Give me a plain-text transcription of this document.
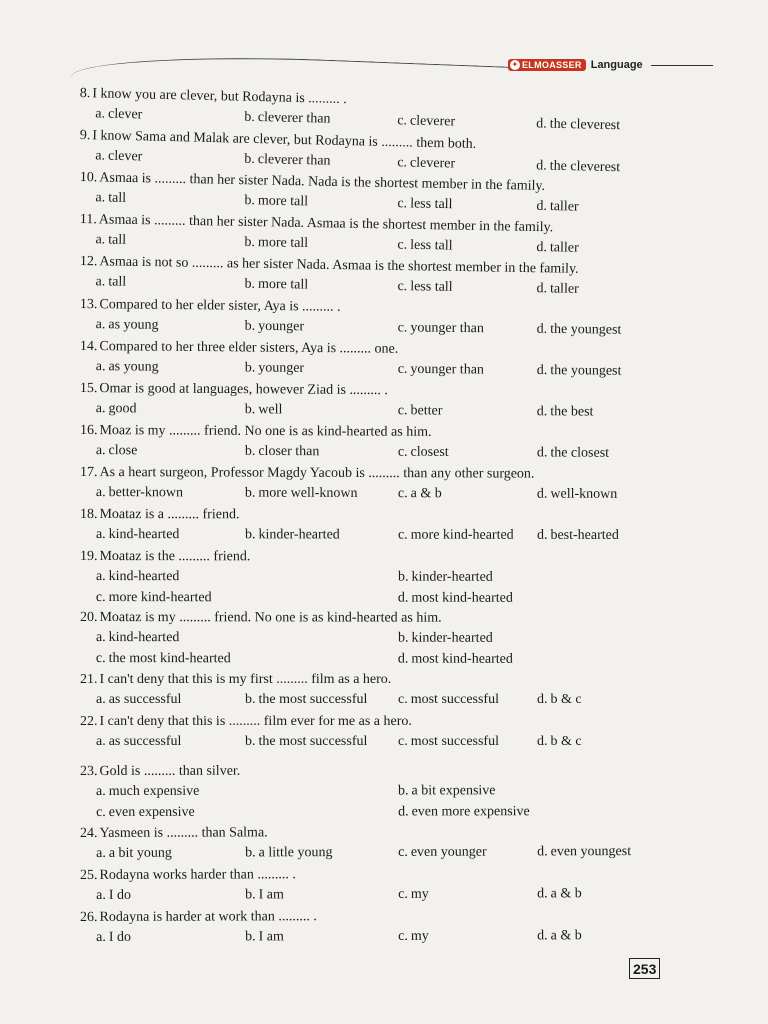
✦ ELMOASSER Language
8. I know you are clever, but Rodayna is ......... .
a. clever	b. cleverer than	c. cleverer	d. the cleverest
9. I know Sama and Malak are clever, but Rodayna is ......... them both.
a. clever	b. cleverer than	c. cleverer	d. the cleverest
10. Asmaa is ......... than her sister Nada. Nada is the shortest member in the family.
a. tall	b. more tall	c. less tall	d. taller
11. Asmaa is ......... than her sister Nada. Asmaa is the shortest member in the family.
a. tall	b. more tall	c. less tall	d. taller
12. Asmaa is not so ......... as her sister Nada. Asmaa is the shortest member in the family.
a. tall	b. more tall	c. less tall	d. taller
13. Compared to her elder sister, Aya is ......... .
a. as young	b. younger	c. younger than	d. the youngest
14. Compared to her three elder sisters, Aya is ......... one.
a. as young	b. younger	c. younger than	d. the youngest
15. Omar is good at languages, however Ziad is ......... .
a. good	b. well	c. better	d. the best
16. Moaz is my ......... friend. No one is as kind-hearted as him.
a. close	b. closer than	c. closest	d. the closest
17. As a heart surgeon, Professor Magdy Yacoub is ......... than any other surgeon.
a. better-known	b. more well-known	c. a & b	d. well-known
18. Moataz is a ......... friend.
a. kind-hearted	b. kinder-hearted	c. more kind-hearted d. best-hearted
19. Moataz is the ......... friend.
a. kind-hearted	b. kinder-hearted
c. more kind-hearted	d. most kind-hearted
20. Moataz is my ......... friend. No one is as kind-hearted as him.
a. kind-hearted	b. kinder-hearted
c. the most kind-hearted	d. most kind-hearted
21. I can't deny that this is my first ......... film as a hero.
a. as successful	b. the most successful c. most successful	d. b & c
22. I can't deny that this is ......... film ever for me as a hero.
a. as successful	b. the most successful c. most successful	d. b & c
23. Gold is ......... than silver.
a. much expensive	b. a bit expensive
c. even expensive	d. even more expensive
24. Yasmeen is ......... than Salma.
a. a bit young	b. a little young	c. even younger	d. even youngest
25. Rodayna works harder than ......... .
a. I do	b. I am	c. my	d. a & b
26. Rodayna is harder at work than ......... .
a. I do	b. I am	c. my	d. a & b
253
